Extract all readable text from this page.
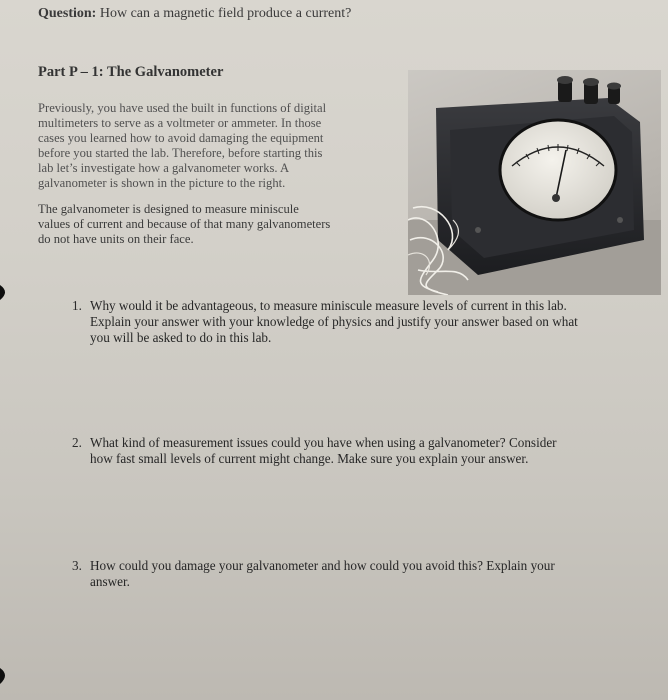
Question: How can a magnetic field produce a current?
Part P – 1: The Galvanometer

Previously, you have used the built in functions of digital

multimeters to serve as a voltmeter or ammeter. In those

cases you learned how to avoid damaging the equipment

before you started the lab. Therefore, before starting this

lab let’s investigate how a galvanometer works. A

galvanometer is shown in the picture to the right.

The galvanometer is designed to measure miniscule

values of current and because of that many galvanometers

do not have units on their face.

1. Why would it be advantageous, to measure miniscule measure levels of current in this lab.

Explain your answer with your knowledge of physics and justify your answer based on what

you will be asked to do in this lab.

2. What kind of measurement issues could you have when using a galvanometer? Consider

how fast small levels of current might change. Make sure you explain your answer.

3. How could you damage your galvanometer and how could you avoid this? Explain your

answer.
